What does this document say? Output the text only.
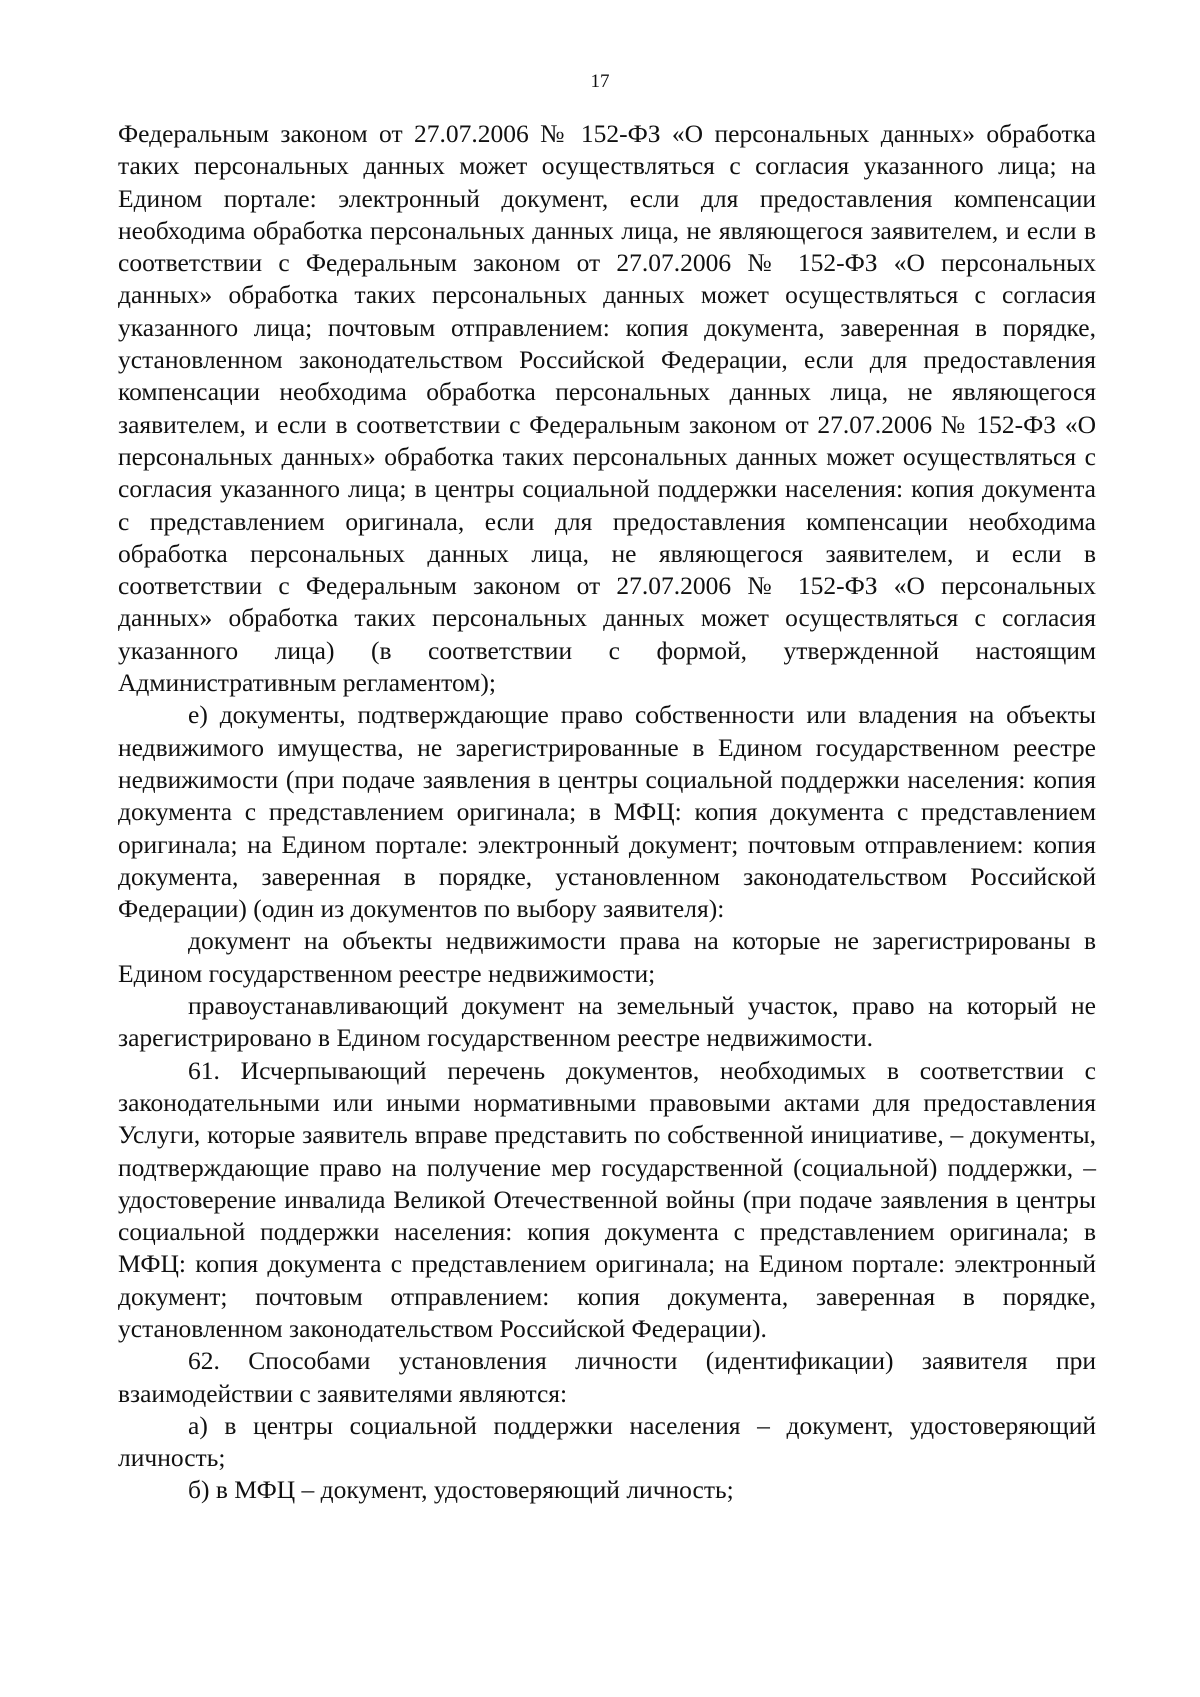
17

Федеральным законом от 27.07.2006 № 152-ФЗ «О персональных данных» обработка таких персональных данных может осуществляться с согласия указанного лица; на Едином портале: электронный документ, если для предоставления компенсации необходима обработка персональных данных лица, не являющегося заявителем, и если в соответствии с Федеральным законом от 27.07.2006 № 152-ФЗ «О персональных данных» обработка таких персональных данных может осуществляться с согласия указанного лица; почтовым отправлением: копия документа, заверенная в порядке, установленном законодательством Российской Федерации, если для предоставления компенсации необходима обработка персональных данных лица, не являющегося заявителем, и если в соответствии с Федеральным законом от 27.07.2006 № 152-ФЗ «О персональных данных» обработка таких персональных данных может осуществляться с согласия указанного лица; в центры социальной поддержки населения: копия документа с представлением оригинала, если для предоставления компенсации необходима обработка персональных данных лица, не являющегося заявителем, и если в соответствии с Федеральным законом от 27.07.2006 № 152-ФЗ «О персональных данных» обработка таких персональных данных может осуществляться с согласия указанного лица) (в соответствии с формой, утвержденной настоящим Административным регламентом);

е) документы, подтверждающие право собственности или владения на объекты недвижимого имущества, не зарегистрированные в Едином государственном реестре недвижимости (при подаче заявления в центры социальной поддержки населения: копия документа с представлением оригинала; в МФЦ: копия документа с представлением оригинала; на Едином портале: электронный документ; почтовым отправлением: копия документа, заверенная в порядке, установленном законодательством Российской Федерации) (один из документов по выбору заявителя):

документ на объекты недвижимости права на которые не зарегистрированы в Едином государственном реестре недвижимости;

правоустанавливающий документ на земельный участок, право на который не зарегистрировано в Едином государственном реестре недвижимости.

61. Исчерпывающий перечень документов, необходимых в соответствии с законодательными или иными нормативными правовыми актами для предоставления Услуги, которые заявитель вправе представить по собственной инициативе, – документы, подтверждающие право на получение мер государственной (социальной) поддержки, – удостоверение инвалида Великой Отечественной войны (при подаче заявления в центры социальной поддержки населения: копия документа с представлением оригинала; в МФЦ: копия документа с представлением оригинала; на Едином портале: электронный документ; почтовым отправлением: копия документа, заверенная в порядке, установленном законодательством Российской Федерации).

62. Способами установления личности (идентификации) заявителя при взаимодействии с заявителями являются:

а) в центры социальной поддержки населения – документ, удостоверяющий личность;

б) в МФЦ – документ, удостоверяющий личность;
